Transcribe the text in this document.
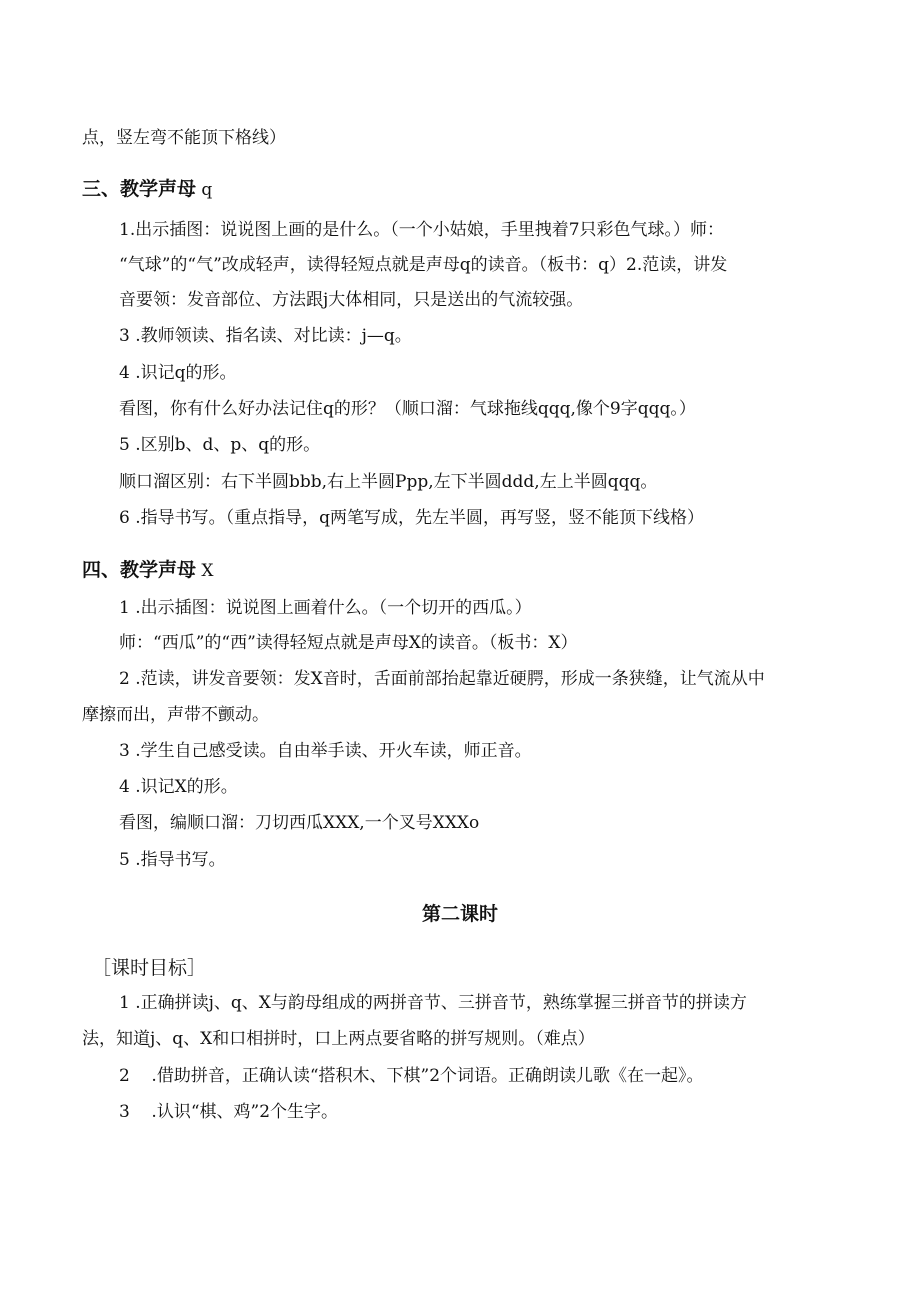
点，竖左弯不能顶下格线）
三、教学声母 q
1.出示插图：说说图上画的是什么。（一个小姑娘，手里拽着7只彩色气球。）师：
“气球”的“气”改成轻声，读得轻短点就是声母q的读音。（板书：q）2.范读，讲发
音要领：发音部位、方法跟j大体相同，只是送出的气流较强。
3 .教师领读、指名读、对比读：j—q。
4 .识记q的形。
看图，你有什么好办法记住q的形？（顺口溜：气球拖线qqq,像个9字qqq。）
5 .区别b、d、p、q的形。
顺口溜区别：右下半圆bbb,右上半圆Ppp,左下半圆ddd,左上半圆qqq。
6 .指导书写。（重点指导，q两笔写成，先左半圆，再写竖，竖不能顶下线格）
四、教学声母 X
1 .出示插图：说说图上画着什么。（一个切开的西瓜。）
师：“西瓜”的“西”读得轻短点就是声母X的读音。（板书：X）
2 .范读，讲发音要领：发X音时，舌面前部抬起靠近硬腭，形成一条狭缝，让气流从中
摩擦而出，声带不颤动。
3 .学生自己感受读。自由举手读、开火车读，师正音。
4 .识记X的形。
看图，编顺口溜：刀切西瓜XXX,一个叉号XXXo
5 .指导书写。
第二课时
［课时目标］
1 .正确拼读j、q、X与韵母组成的两拼音节、三拼音节，熟练掌握三拼音节的拼读方
法，知道j、q、X和口相拼时，口上两点要省略的拼写规则。（难点）
2    .借助拼音，正确认读“搭积木、下棋”2个词语。正确朗读儿歌《在一起》。
3    .认识“棋、鸡”2个生字。
